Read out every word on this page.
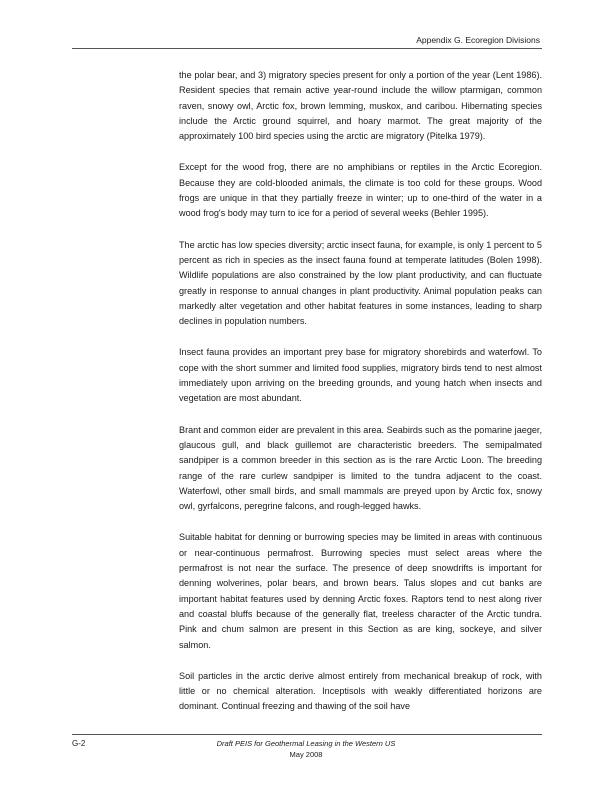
Appendix G. Ecoregion Divisions

the polar bear, and 3) migratory species present for only a portion of the year (Lent 1986). Resident species that remain active year-round include the willow ptarmigan, common raven, snowy owl, Arctic fox, brown lemming, muskox, and caribou. Hibernating species include the Arctic ground squirrel, and hoary marmot. The great majority of the approximately 100 bird species using the arctic are migratory (Pitelka 1979).

Except for the wood frog, there are no amphibians or reptiles in the Arctic Ecoregion. Because they are cold-blooded animals, the climate is too cold for these groups. Wood frogs are unique in that they partially freeze in winter; up to one-third of the water in a wood frog's body may turn to ice for a period of several weeks (Behler 1995).

The arctic has low species diversity; arctic insect fauna, for example, is only 1 percent to 5 percent as rich in species as the insect fauna found at temperate latitudes (Bolen 1998). Wildlife populations are also constrained by the low plant productivity, and can fluctuate greatly in response to annual changes in plant productivity. Animal population peaks can markedly alter vegetation and other habitat features in some instances, leading to sharp declines in population numbers.

Insect fauna provides an important prey base for migratory shorebirds and waterfowl. To cope with the short summer and limited food supplies, migratory birds tend to nest almost immediately upon arriving on the breeding grounds, and young hatch when insects and vegetation are most abundant.

Brant and common eider are prevalent in this area. Seabirds such as the pomarine jaeger, glaucous gull, and black guillemot are characteristic breeders. The semipalmated sandpiper is a common breeder in this section as is the rare Arctic Loon. The breeding range of the rare curlew sandpiper is limited to the tundra adjacent to the coast. Waterfowl, other small birds, and small mammals are preyed upon by Arctic fox, snowy owl, gyrfalcons, peregrine falcons, and rough-legged hawks.

Suitable habitat for denning or burrowing species may be limited in areas with continuous or near-continuous permafrost. Burrowing species must select areas where the permafrost is not near the surface. The presence of deep snowdrifts is important for denning wolverines, polar bears, and brown bears. Talus slopes and cut banks are important habitat features used by denning Arctic foxes. Raptors tend to nest along river and coastal bluffs because of the generally flat, treeless character of the Arctic tundra. Pink and chum salmon are present in this Section as are king, sockeye, and silver salmon.

Soil particles in the arctic derive almost entirely from mechanical breakup of rock, with little or no chemical alteration. Inceptisols with weakly differentiated horizons are dominant. Continual freezing and thawing of the soil have

G-2	Draft PEIS for Geothermal Leasing in the Western US
May 2008
